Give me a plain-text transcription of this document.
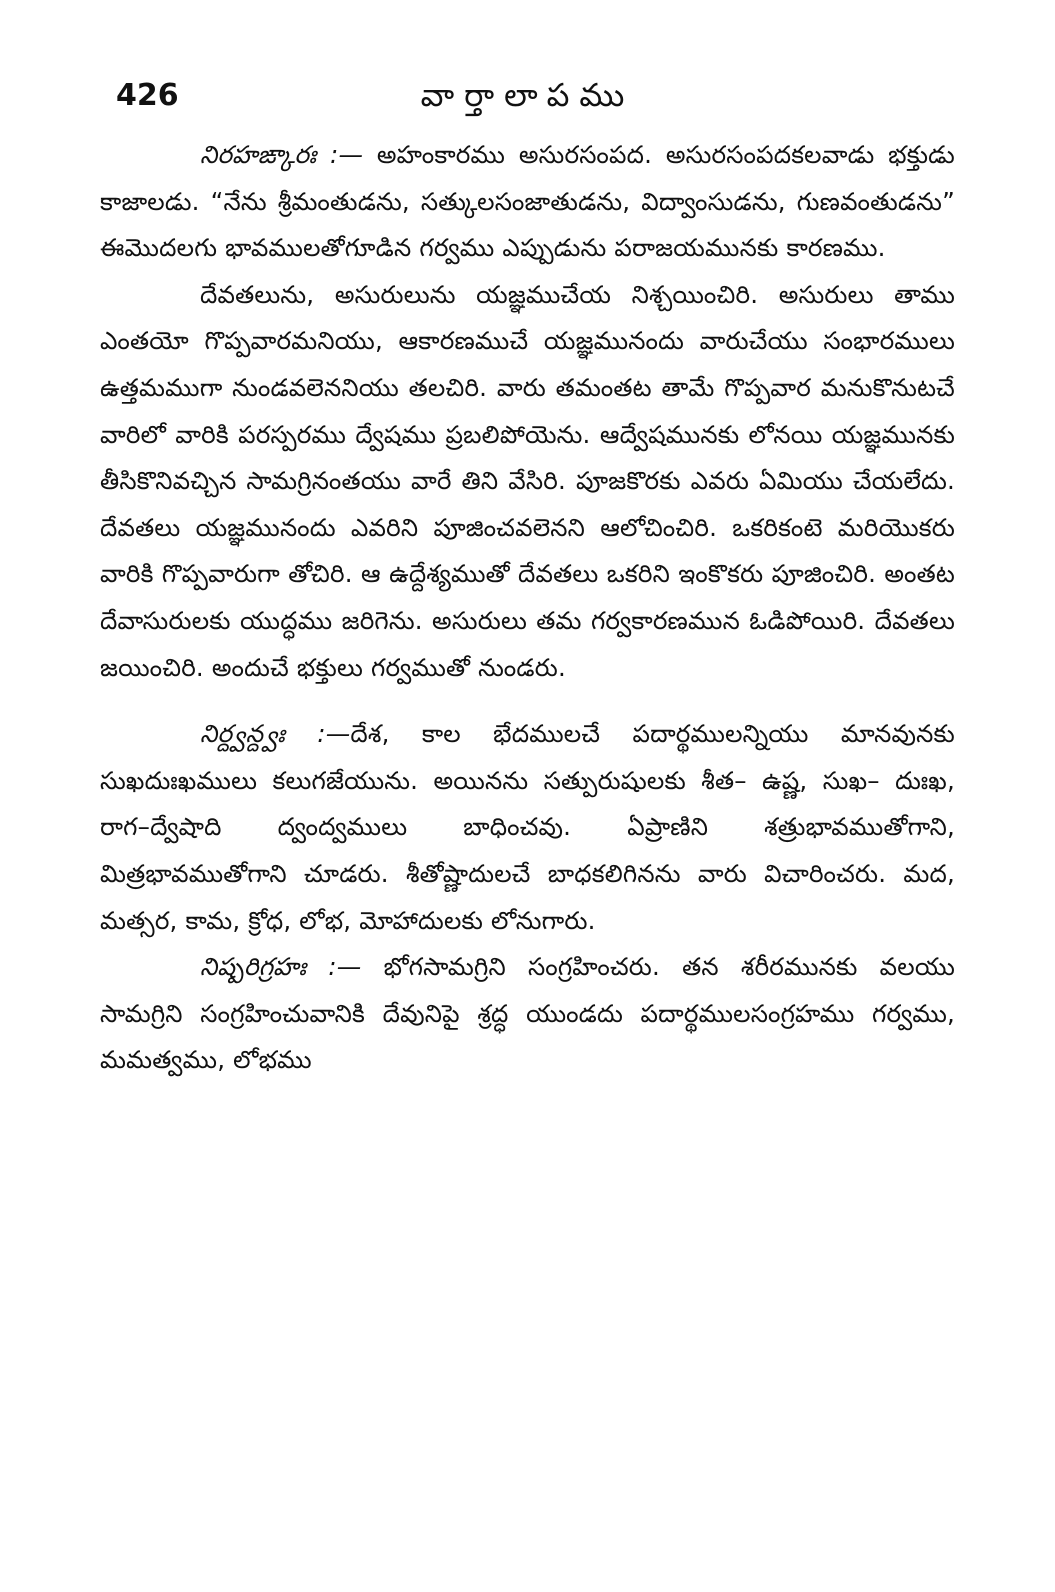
426	వార్తాలాపము

నిరహఙ్కారః :— అహంకారము అసురసంపద. అసురసంపదకలవాడు భక్తుడు కాజాలడు. “నేను శ్రీమంతుడను, సత్కులసంజాతుడను, విద్వాంసుడను, గుణవంతుడను” ఈమొదలగు భావములతోగూడిన గర్వము ఎప్పుడును పరాజయమునకు కారణము.

దేవతలును, అసురులును యజ్ఞముచేయ నిశ్చయించిరి. అసురులు తాము ఎంతయో గొప్పవారమనియు, ఆకారణముచే యజ్ఞమునందు వారుచేయు సంభారములు ఉత్తమముగా నుండవలెననియు తలచిరి. వారు తమంతట తామే గొప్పవార మనుకొనుటచే వారిలో వారికి పరస్పరము ద్వేషము ప్రబలిపోయెను. ఆద్వేషమునకు లోనయి యజ్ఞమునకు తీసికొనివచ్చిన సామగ్రినంతయు వారే తిని వేసిరి. పూజకొరకు ఎవరు ఏమియు చేయలేదు. దేవతలు యజ్ఞమునందు ఎవరిని పూజించవలెనని ఆలోచించిరి. ఒకరికంటె మరియొకరు వారికి గొప్పవారుగా తోచిరి. ఆ ఉద్దేశ్యముతో దేవతలు ఒకరిని ఇంకొకరు పూజించిరి. అంతట దేవాసురులకు యుద్ధము జరిగెను. అసురులు తమ గర్వకారణమున ఓడిపోయిరి. దేవతలు జయించిరి. అందుచే భక్తులు గర్వముతో నుండరు.

నిర్ద్వన్ద్వః :—దేశ, కాల భేదములచే పదార్థములన్నియు మానవునకు సుఖదుఃఖములు కలుగజేయును. అయినను సత్పురుషులకు శీత– ఉష్ణ, సుఖ– దుఃఖ, రాగ–ద్వేషాది ద్వంద్వములు బాధించవు. ఏప్రాణిని శత్రుభావముతోగాని, మిత్రభావముతోగాని చూడరు. శీతోష్ణాదులచే బాధకలిగినను వారు విచారించరు. మద, మత్సర, కామ, క్రోధ, లోభ, మోహాదులకు లోనుగారు.

నిష్పరిగ్రహః :— భోగసామగ్రిని సంగ్రహించరు. తన శరీరమునకు వలయు సామగ్రిని సంగ్రహించువానికి దేవునిపై శ్రద్ధ యుండదు పదార్థములసంగ్రహము గర్వము, మమత్వము, లోభము
